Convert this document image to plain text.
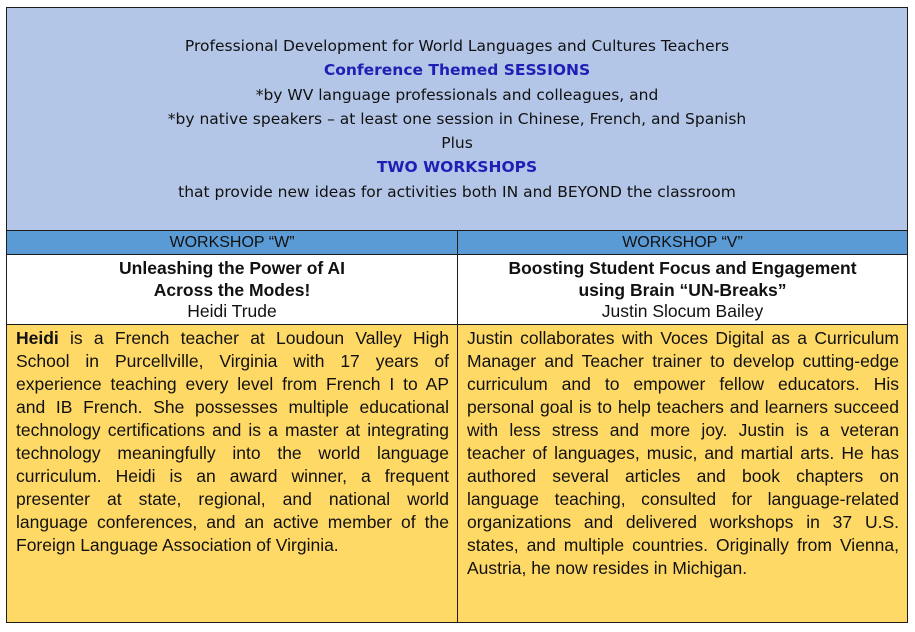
Professional Development for World Languages and Cultures Teachers
Conference Themed SESSIONS
*by WV language professionals and colleagues, and
*by native speakers – at least one session in Chinese, French, and Spanish
Plus
TWO WORKSHOPS
that provide new ideas for activities both IN and BEYOND the classroom
WORKSHOP “W”	WORKSHOP “V”
Unleashing the Power of AI
Across the Modes!
Heidi Trude
Boosting Student Focus and Engagement
using Brain “UN-Breaks”
Justin Slocum Bailey
Heidi is a French teacher at Loudoun Valley High School in Purcellville, Virginia with 17 years of experience teaching every level from French I to AP and IB French. She possesses multiple educational technology certifications and is a master at integrating technology meaningfully into the world language curriculum. Heidi is an award winner, a frequent presenter at state, regional, and national world language conferences, and an active member of the Foreign Language Association of Virginia.
Justin collaborates with Voces Digital as a Curriculum Manager and Teacher trainer to develop cutting-edge curriculum and to empower fellow educators. His personal goal is to help teachers and learners succeed with less stress and more joy. Justin is a veteran teacher of languages, music, and martial arts. He has authored several articles and book chapters on language teaching, consulted for language-related organizations and delivered workshops in 37 U.S. states, and multiple countries. Originally from Vienna, Austria, he now resides in Michigan.
